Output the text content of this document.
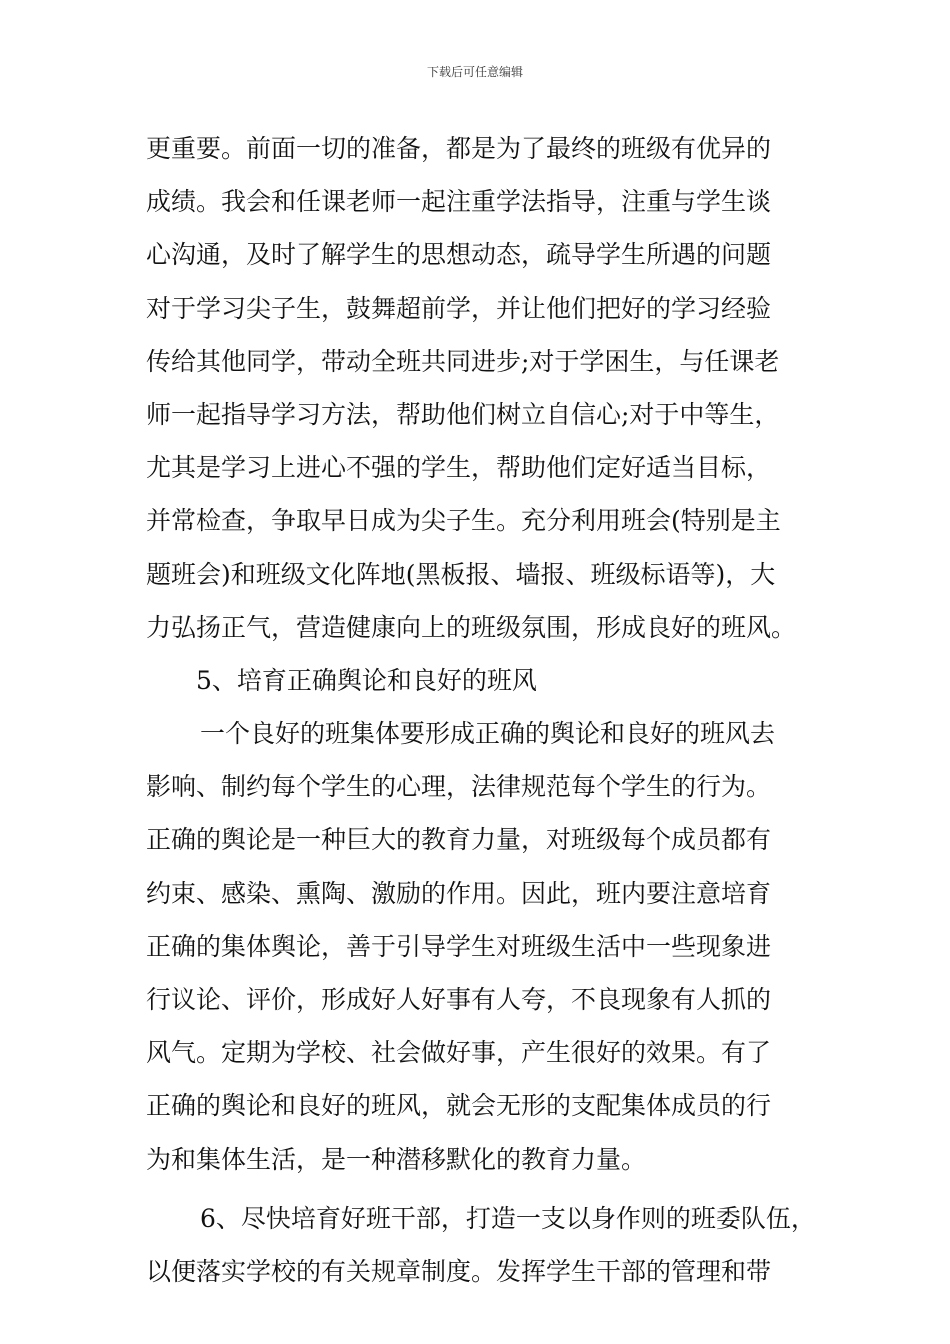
下载后可任意编辑
更重要。前面一切的准备，都是为了最终的班级有优异的
成绩。我会和任课老师一起注重学法指导，注重与学生谈
心沟通，及时了解学生的思想动态，疏导学生所遇的问题
对于学习尖子生，鼓舞超前学，并让他们把好的学习经验
传给其他同学，带动全班共同进步;对于学困生，与任课老
师一起指导学习方法，帮助他们树立自信心;对于中等生，
尤其是学习上进心不强的学生，帮助他们定好适当目标，
并常检查，争取早日成为尖子生。充分利用班会(特别是主
题班会)和班级文化阵地(黑板报、墙报、班级标语等)，大
力弘扬正气，营造健康向上的班级氛围，形成良好的班风。
5、培育正确舆论和良好的班风
一个良好的班集体要形成正确的舆论和良好的班风去
影响、制约每个学生的心理，法律规范每个学生的行为。
正确的舆论是一种巨大的教育力量，对班级每个成员都有
约束、感染、熏陶、激励的作用。因此，班内要注意培育
正确的集体舆论，善于引导学生对班级生活中一些现象进
行议论、评价，形成好人好事有人夸，不良现象有人抓的
风气。定期为学校、社会做好事，产生很好的效果。有了
正确的舆论和良好的班风，就会无形的支配集体成员的行
为和集体生活，是一种潜移默化的教育力量。
6、尽快培育好班干部，打造一支以身作则的班委队伍，
以便落实学校的有关规章制度。发挥学生干部的管理和带
